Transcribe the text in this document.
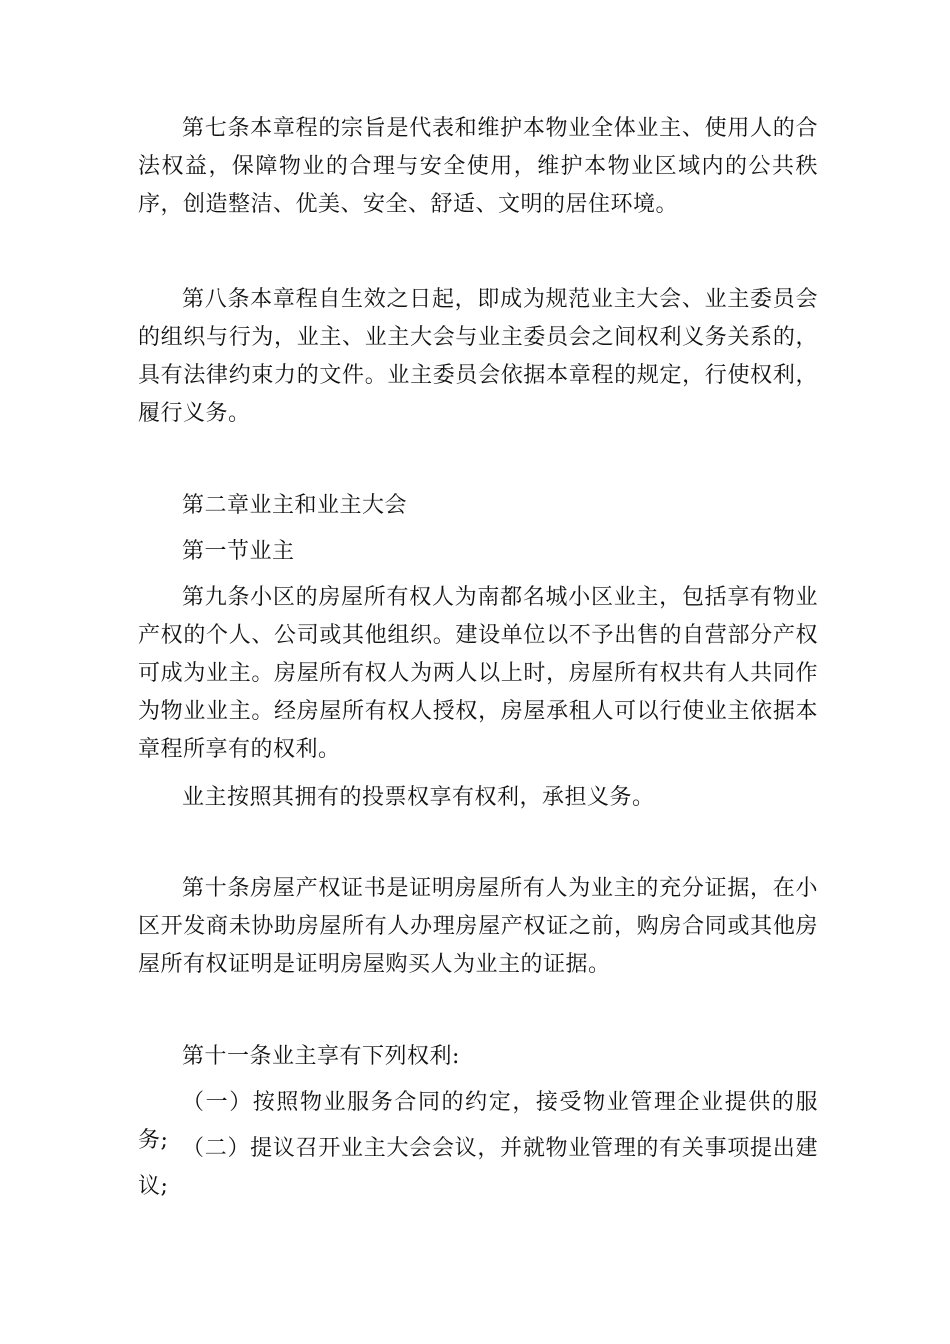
第七条本章程的宗旨是代表和维护本物业全体业主、使用人的合法权益，保障物业的合理与安全使用，维护本物业区域内的公共秩序，创造整洁、优美、安全、舒适、文明的居住环境。

第八条本章程自生效之日起，即成为规范业主大会、业主委员会的组织与行为，业主、业主大会与业主委员会之间权利义务关系的，具有法律约束力的文件。业主委员会依据本章程的规定，行使权利，履行义务。

第二章业主和业主大会

第一节业主

第九条小区的房屋所有权人为南都名城小区业主，包括享有物业产权的个人、公司或其他组织。建设单位以不予出售的自营部分产权可成为业主。房屋所有权人为两人以上时，房屋所有权共有人共同作为物业业主。经房屋所有权人授权，房屋承租人可以行使业主依据本章程所享有的权利。

业主按照其拥有的投票权享有权利，承担义务。

第十条房屋产权证书是证明房屋所有人为业主的充分证据，在小区开发商未协助房屋所有人办理房屋产权证之前，购房合同或其他房屋所有权证明是证明房屋购买人为业主的证据。

第十一条业主享有下列权利:

（一）按照物业服务合同的约定，接受物业管理企业提供的服务; （二）提议召开业主大会会议，并就物业管理的有关事项提出建议;
